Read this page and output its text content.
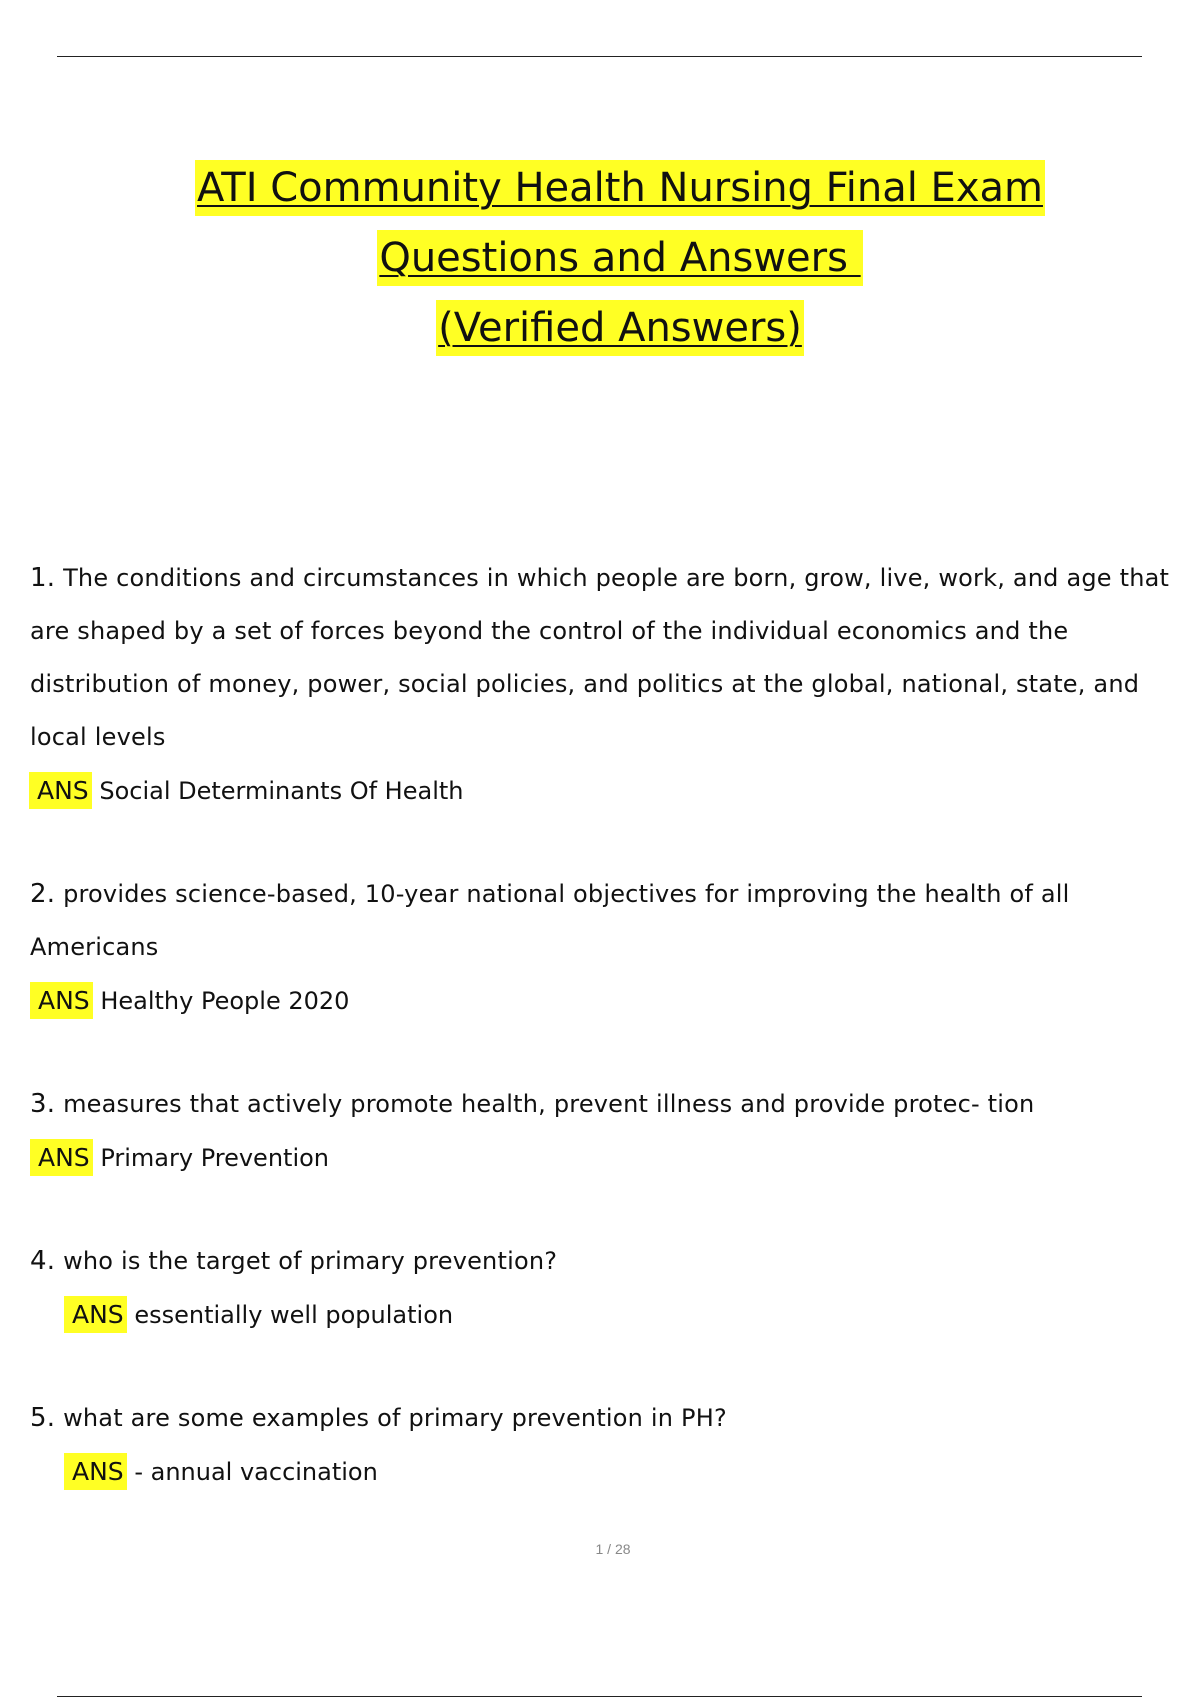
ATI Community Health Nursing Final Exam
Questions and Answers
(Verified Answers)
1. The conditions and circumstances in which people are born, grow, live, work, and age that are shaped by a set of forces beyond the control of the individual economics and the distribution of money, power, social policies, and politics at the global, national, state, and local levels
ANS Social Determinants Of Health
2. provides science-based, 10-year national objectives for improving the health of all Americans
ANS Healthy People 2020
3. measures that actively promote health, prevent illness and provide protec- tion
ANS Primary Prevention
4. who is the target of primary prevention?
ANS essentially well population
5. what are some examples of primary prevention in PH?
ANS - annual vaccination
1 / 28
